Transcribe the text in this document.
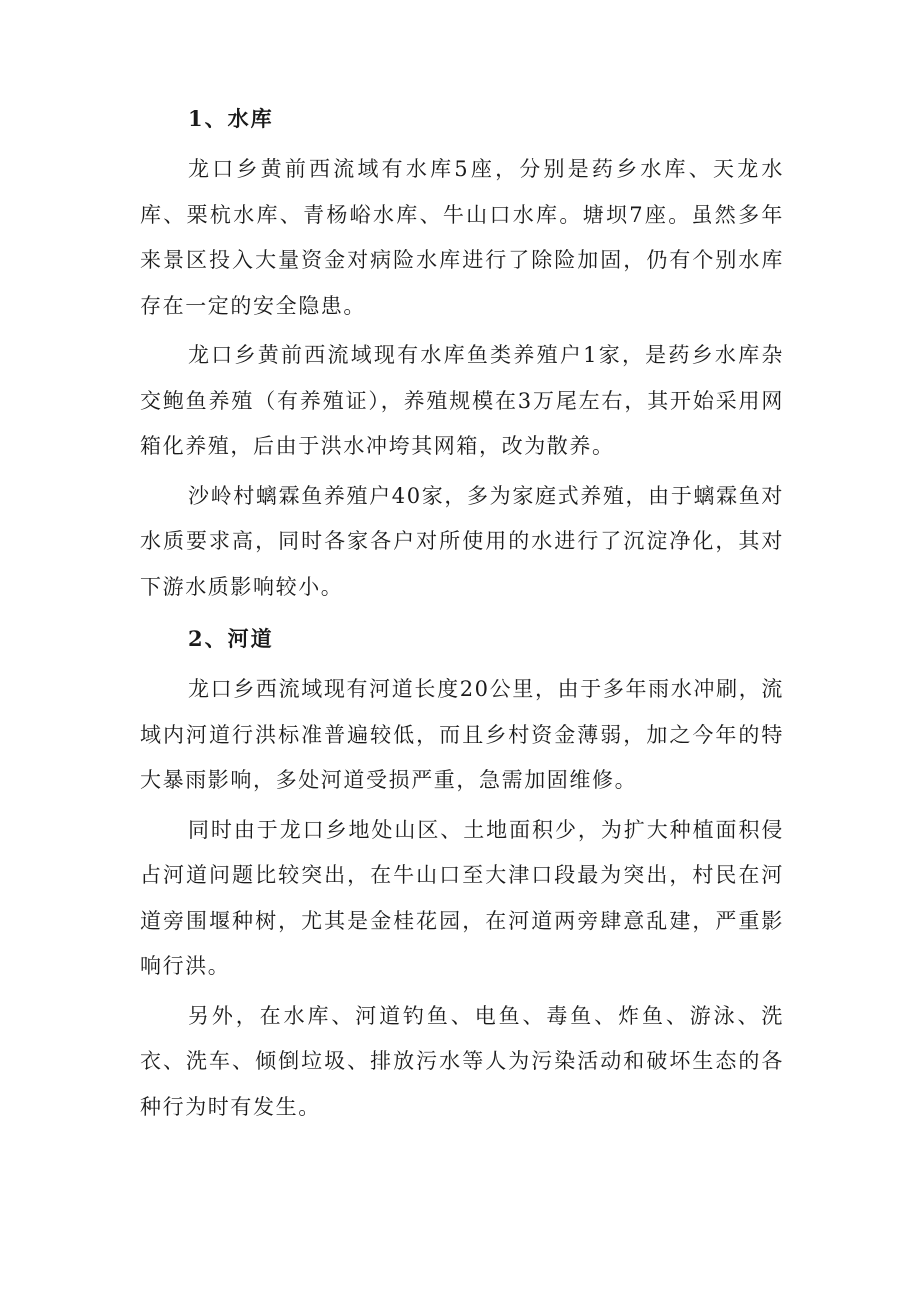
1、水库

龙口乡黄前西流域有水库5座，分别是药乡水库、天龙水库、栗杭水库、青杨峪水库、牛山口水库。塘坝7座。虽然多年来景区投入大量资金对病险水库进行了除险加固，仍有个别水库存在一定的安全隐患。

龙口乡黄前西流域现有水库鱼类养殖户1家，是药乡水库杂交鲍鱼养殖（有养殖证），养殖规模在3万尾左右，其开始采用网箱化养殖，后由于洪水冲垮其网箱，改为散养。

沙岭村螭霖鱼养殖户40家，多为家庭式养殖，由于螭霖鱼对水质要求高，同时各家各户对所使用的水进行了沉淀净化，其对下游水质影响较小。

2、河道

龙口乡西流域现有河道长度20公里，由于多年雨水冲刷，流域内河道行洪标准普遍较低，而且乡村资金薄弱，加之今年的特大暴雨影响，多处河道受损严重，急需加固维修。

同时由于龙口乡地处山区、土地面积少，为扩大种植面积侵占河道问题比较突出，在牛山口至大津口段最为突出，村民在河道旁围堰种树，尤其是金桂花园，在河道两旁肆意乱建，严重影响行洪。

另外，在水库、河道钓鱼、电鱼、毒鱼、炸鱼、游泳、洗衣、洗车、倾倒垃圾、排放污水等人为污染活动和破坏生态的各种行为时有发生。
